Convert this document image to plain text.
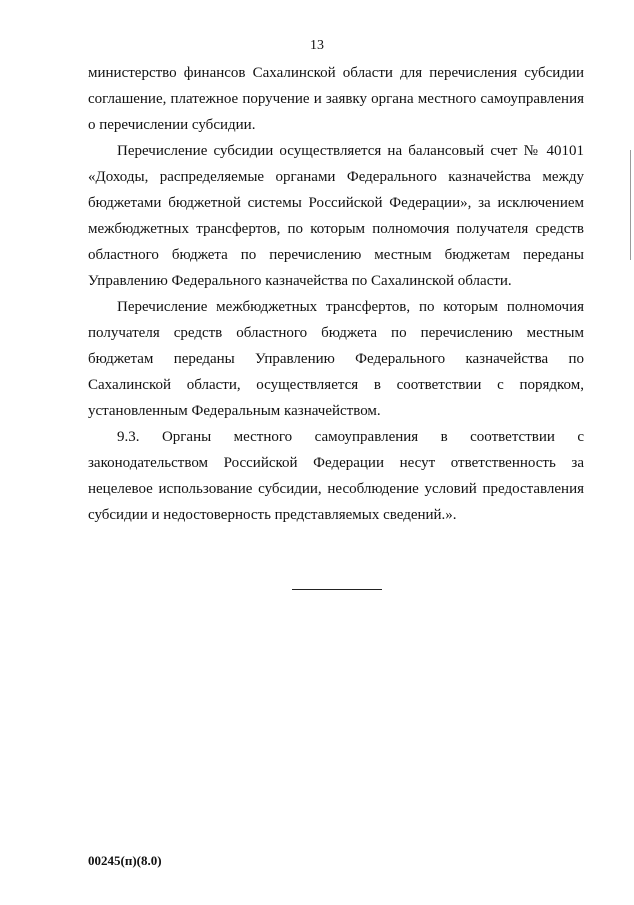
13

министерство финансов Сахалинской области для перечисления субсидии соглашение, платежное поручение и заявку органа местного самоуправления о перечислении субсидии.

Перечисление субсидии осуществляется на балансовый счет № 40101 «Доходы, распределяемые органами Федерального казначейства между бюджетами бюджетной системы Российской Федерации», за исключением межбюджетных трансфертов, по которым полномочия получателя средств областного бюджета по перечислению местным бюджетам переданы Управлению Федерального казначейства по Сахалинской области.

Перечисление межбюджетных трансфертов, по которым полномочия получателя средств областного бюджета по перечислению местным бюджетам переданы Управлению Федерального казначейства по Сахалинской области, осуществляется в соответствии с порядком, установленным Федеральным казначейством.

9.3. Органы местного самоуправления в соответствии с законодательством Российской Федерации несут ответственность за нецелевое использование субсидии, несоблюдение условий предоставления субсидии и недостоверность представляемых сведений.».

00245(п)(8.0)
